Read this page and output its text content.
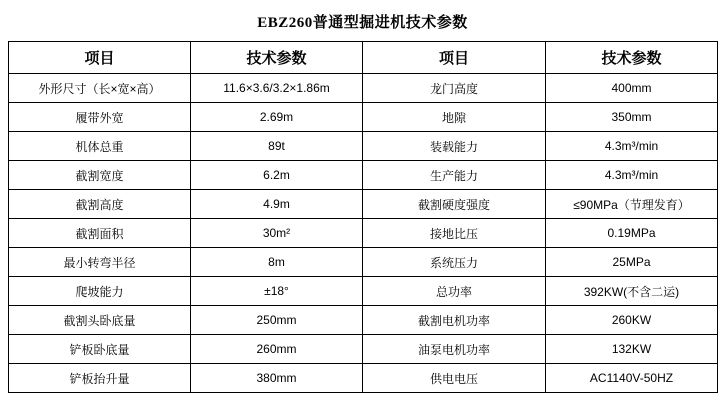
EBZ260普通型掘进机技术参数
项目	技术参数	项目	技术参数
外形尺寸（长×宽×高）	11.6×3.6/3.2×1.86m	龙门高度	400mm
履带外宽	2.69m	地隙	350mm
机体总重	89t	装载能力	4.3m³/min
截割宽度	6.2m	生产能力	4.3m³/min
截割高度	4.9m	截割硬度强度	≤90MPa（节理发育）
截割面积	30m²	接地比压	0.19MPa
最小转弯半径	8m	系统压力	25MPa
爬坡能力	±18°	总功率	392KW(不含二运)
截割头卧底量	250mm	截割电机功率	260KW
铲板卧底量	260mm	油泵电机功率	132KW
铲板抬升量	380mm	供电电压	AC1140V-50HZ
